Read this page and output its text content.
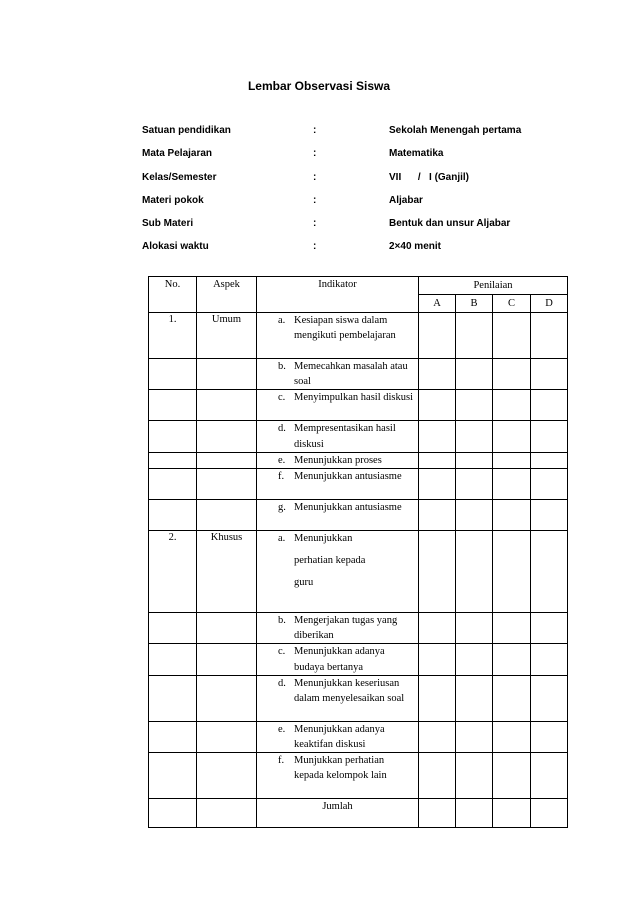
Lembar Observasi Siswa
Satuan pendidikan	:	Sekolah Menengah pertama
Mata Pelajaran	:	Matematika
Kelas/Semester	:	VII      /   I (Ganjil)
Materi pokok	:	Aljabar
Sub Materi	:	Bentuk dan unsur Aljabar
Alokasi waktu	:	2×40 menit
No.	Aspek	Indikator	Penilaian			
			A	B	C	D
1.	Umum	a. Kesiapan siswa dalam mengikuti pembelajaran				

		b. Memecahkan masalah atau soal				

		c. Menyimpulkan hasil diskusi				

		d. Mempresentasikan hasil diskusi				

		e. Menunjukkan proses				

		f. Menunjukkan antusiasme				

		g. Menunjukkan antusiasme				

2.	Khusus	a. Menunjukkan perhatian kepada guru				

		b. Mengerjakan tugas yang diberikan				

		c. Menunjukkan adanya budaya bertanya				

		d. Menunjukkan keseriusan dalam menyelesaikan soal				

		e. Menunjukkan adanya keaktifan diskusi				

		f. Munjukkan perhatian kepada kelompok lain				

		Jumlah				
